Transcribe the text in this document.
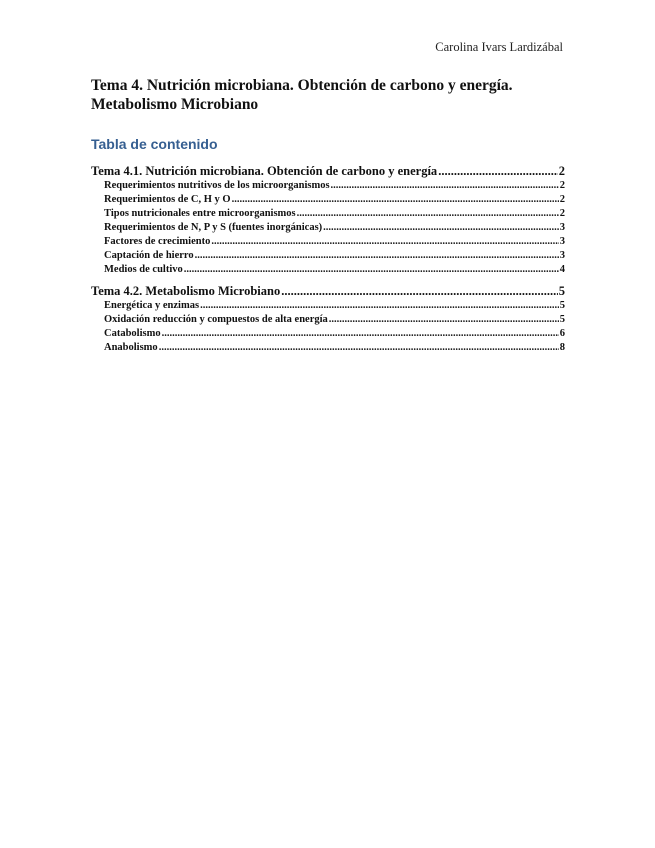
Carolina Ivars Lardizábal
Tema 4. Nutrición microbiana. Obtención de carbono y energía.
Metabolismo Microbiano
Tabla de contenido
Tema 4.1. Nutrición microbiana. Obtención de carbono y energía .....	2
Requerimientos nutritivos de los microorganismos .....	2
Requerimientos de C, H y O .....	2
Tipos nutricionales entre microorganismos .....	2
Requerimientos de N, P y S (fuentes inorgánicas) .....	3
Factores de crecimiento .....	3
Captación de hierro .....	3
Medios de cultivo .....	4
Tema 4.2. Metabolismo Microbiano .....	5
Energética y enzimas .....	5
Oxidación reducción y compuestos de alta energía .....	5
Catabolismo .....	6
Anabolismo .....	8
